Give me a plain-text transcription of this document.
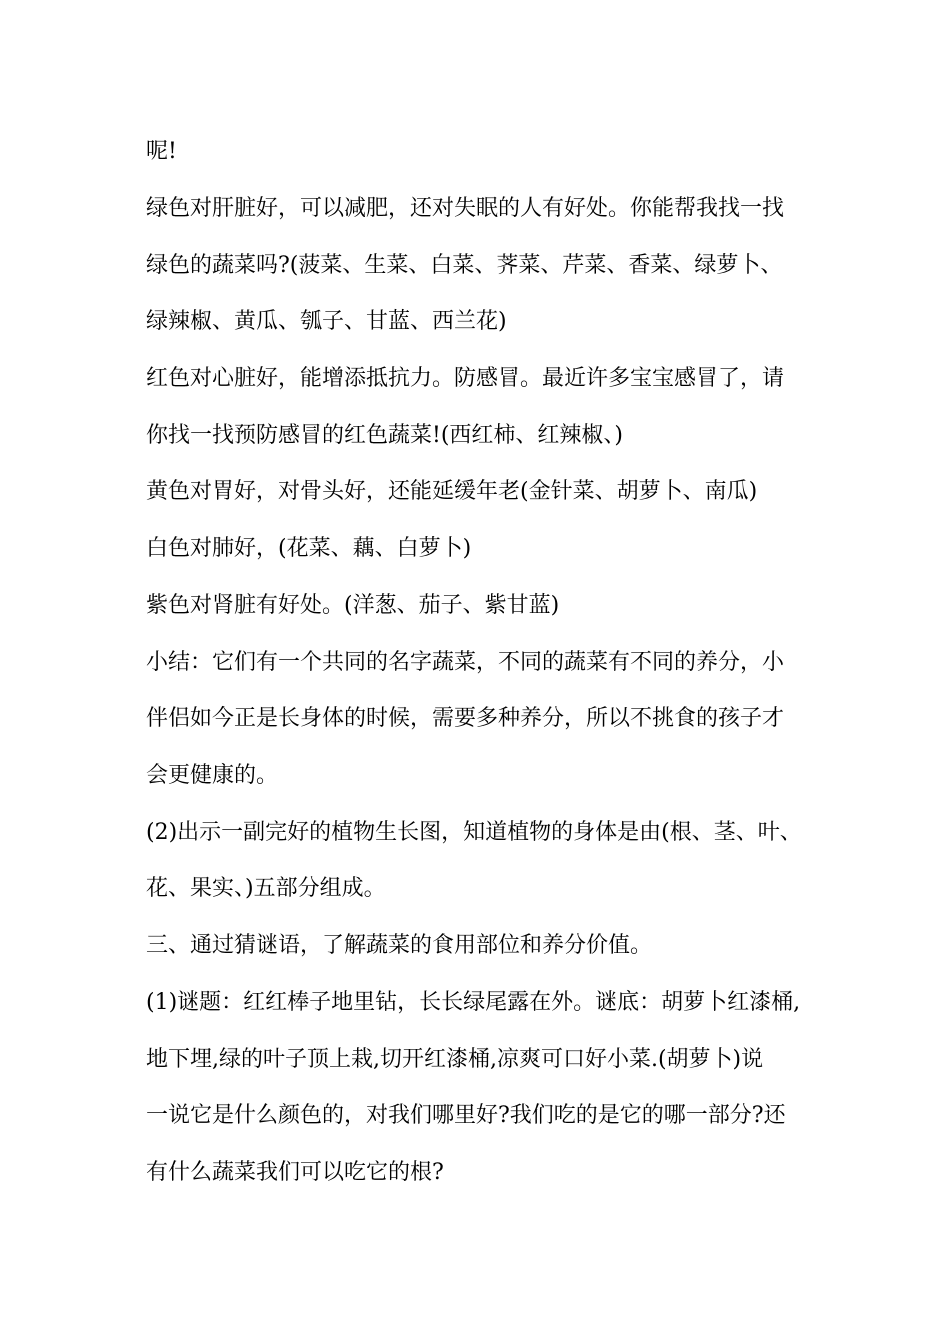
呢!
绿色对肝脏好，可以减肥，还对失眠的人有好处。你能帮我找一找
绿色的蔬菜吗?(菠菜、生菜、白菜、荠菜、芹菜、香菜、绿萝卜、
绿辣椒、黄瓜、瓠子、甘蓝、西兰花)
红色对心脏好，能增添抵抗力。防感冒。最近许多宝宝感冒了，请
你找一找预防感冒的红色蔬菜!(西红柿、红辣椒、)
黄色对胃好，对骨头好，还能延缓年老(金针菜、胡萝卜、南瓜)
白色对肺好，(花菜、藕、白萝卜)
紫色对肾脏有好处。(洋葱、茄子、紫甘蓝)
小结：它们有一个共同的名字蔬菜，不同的蔬菜有不同的养分，小
伴侣如今正是长身体的时候，需要多种养分，所以不挑食的孩子才
会更健康的。
(2)出示一副完好的植物生长图，知道植物的身体是由(根、茎、叶、
花、果实、)五部分组成。
三、通过猜谜语，了解蔬菜的食用部位和养分价值。
(1)谜题：红红棒子地里钻，长长绿尾露在外。谜底：胡萝卜红漆桶,
地下埋,绿的叶子顶上栽,切开红漆桶,凉爽可口好小菜.(胡萝卜)说
一说它是什么颜色的，对我们哪里好?我们吃的是它的哪一部分?还
有什么蔬菜我们可以吃它的根?
